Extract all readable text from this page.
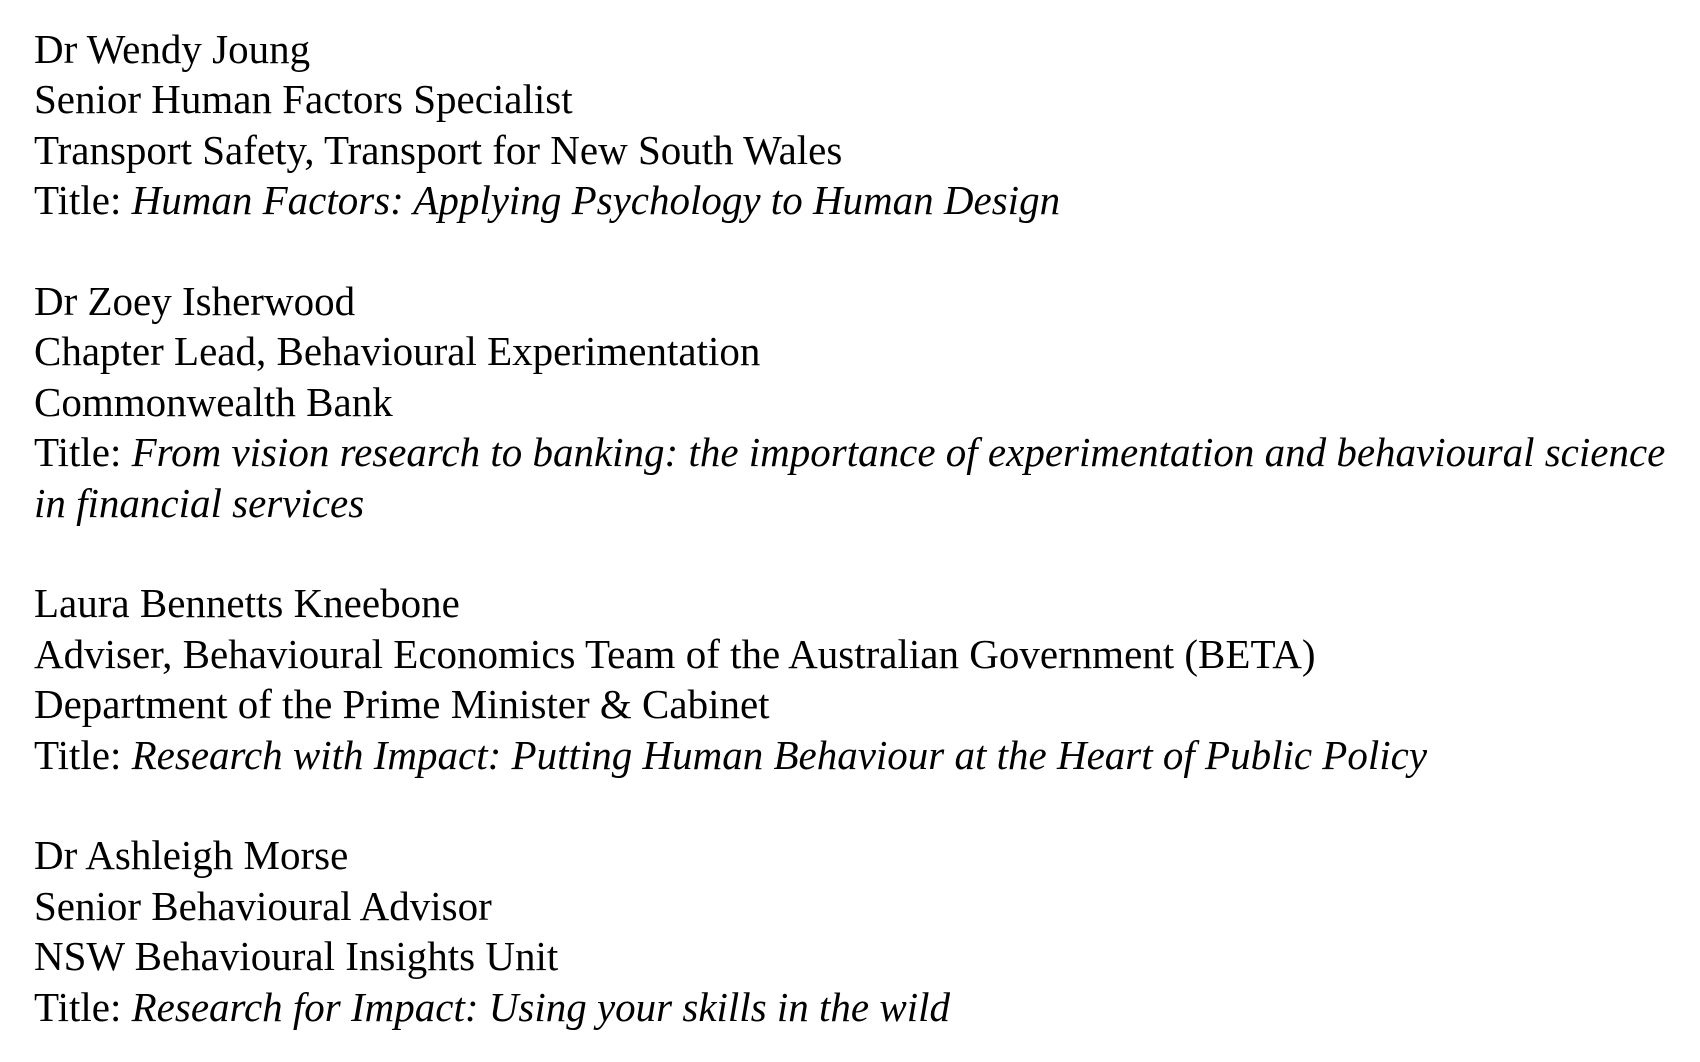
Dr Wendy Joung
Senior Human Factors Specialist
Transport Safety, Transport for New South Wales
Title: Human Factors: Applying Psychology to Human Design
Dr Zoey Isherwood
Chapter Lead, Behavioural Experimentation
Commonwealth Bank
Title: From vision research to banking: the importance of experimentation and behavioural science in financial services
Laura Bennetts Kneebone
Adviser, Behavioural Economics Team of the Australian Government (BETA)
Department of the Prime Minister & Cabinet
Title: Research with Impact: Putting Human Behaviour at the Heart of Public Policy
Dr Ashleigh Morse
Senior Behavioural Advisor
NSW Behavioural Insights Unit
Title: Research for Impact: Using your skills in the wild
